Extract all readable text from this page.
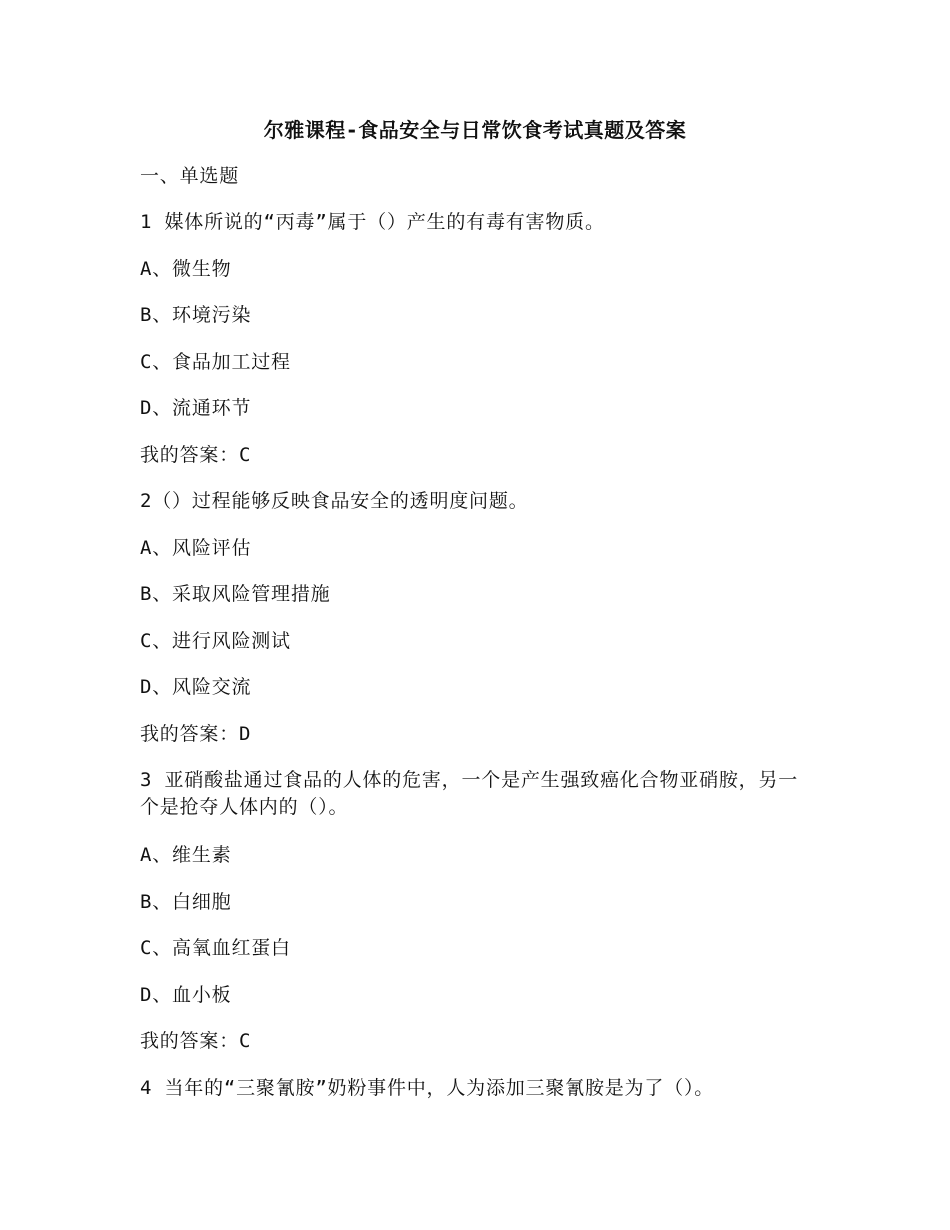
尔雅课程-食品安全与日常饮食考试真题及答案
一、单选题
1 媒体所说的“丙毒”属于（）产生的有毒有害物质。
A、微生物
B、环境污染
C、食品加工过程
D、流通环节
我的答案：C
2（）过程能够反映食品安全的透明度问题。
A、风险评估
B、采取风险管理措施
C、进行风险测试
D、风险交流
我的答案：D
3 亚硝酸盐通过食品的人体的危害，一个是产生强致癌化合物亚硝胺，另一个是抢夺人体内的（）。
A、维生素
B、白细胞
C、高氧血红蛋白
D、血小板
我的答案：C
4 当年的“三聚氰胺”奶粉事件中，人为添加三聚氰胺是为了（）。
